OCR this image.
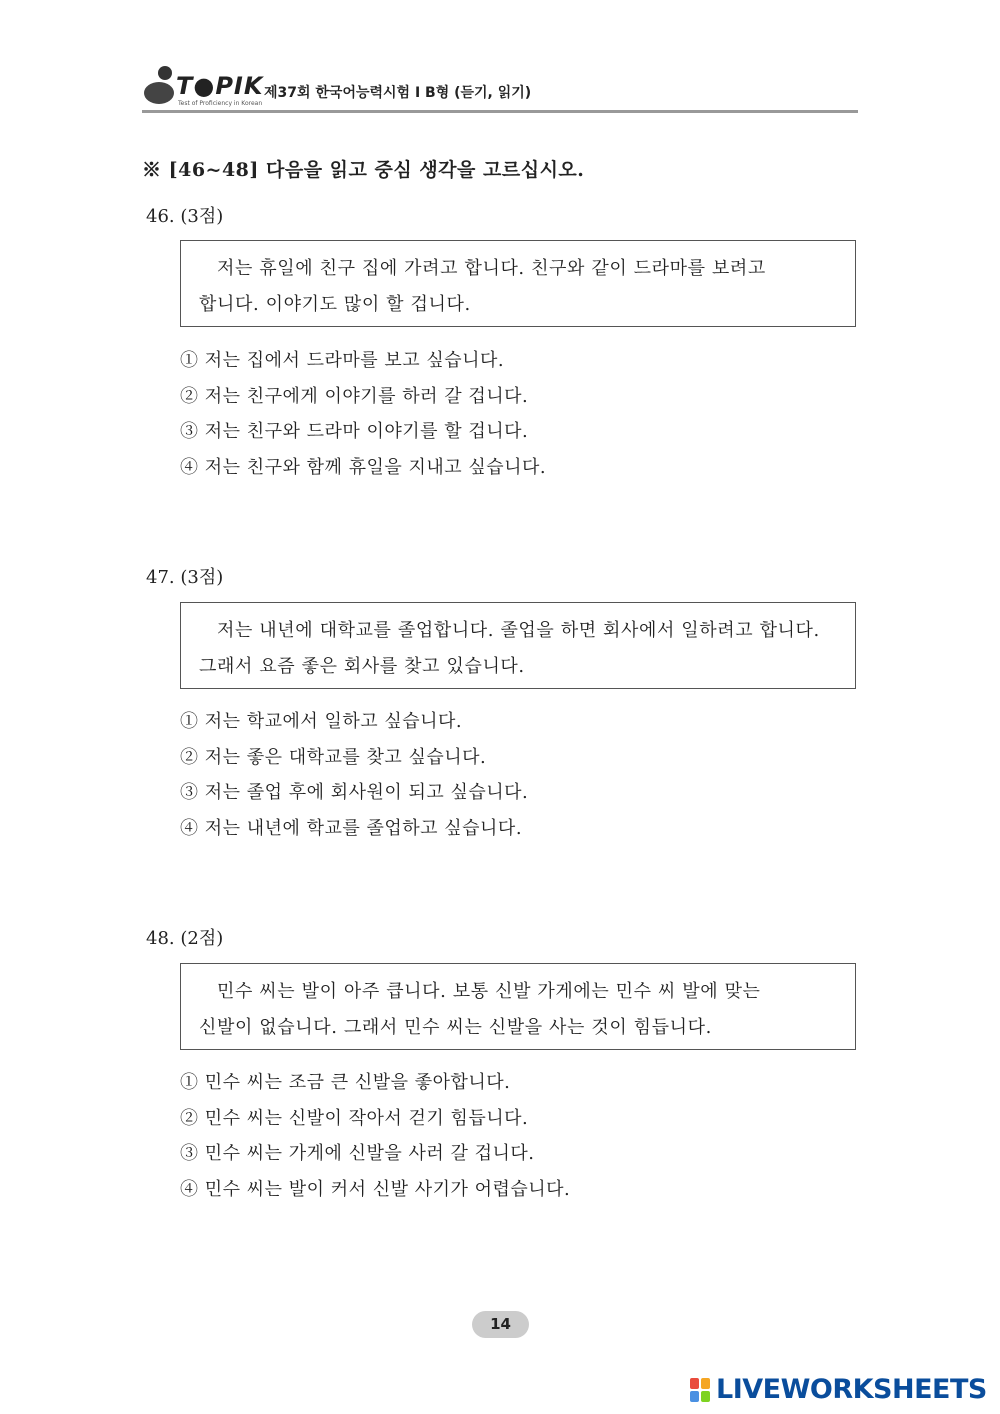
T●PIK
Test of Proficiency in Korean
제37회 한국어능력시험 I B형 (듣기, 읽기)
※ [46~48] 다음을 읽고 중심 생각을 고르십시오.
46. (3점)
저는 휴일에 친구 집에 가려고 합니다. 친구와 같이 드라마를 보려고
합니다. 이야기도 많이 할 겁니다.
① 저는 집에서 드라마를 보고 싶습니다.
② 저는 친구에게 이야기를 하러 갈 겁니다.
③ 저는 친구와 드라마 이야기를 할 겁니다.
④ 저는 친구와 함께 휴일을 지내고 싶습니다.
47. (3점)
저는 내년에 대학교를 졸업합니다. 졸업을 하면 회사에서 일하려고 합니다.
그래서 요즘 좋은 회사를 찾고 있습니다.
① 저는 학교에서 일하고 싶습니다.
② 저는 좋은 대학교를 찾고 싶습니다.
③ 저는 졸업 후에 회사원이 되고 싶습니다.
④ 저는 내년에 학교를 졸업하고 싶습니다.
48. (2점)
민수 씨는 발이 아주 큽니다. 보통 신발 가게에는 민수 씨 발에 맞는
신발이 없습니다. 그래서 민수 씨는 신발을 사는 것이 힘듭니다.
① 민수 씨는 조금 큰 신발을 좋아합니다.
② 민수 씨는 신발이 작아서 걷기 힘듭니다.
③ 민수 씨는 가게에 신발을 사러 갈 겁니다.
④ 민수 씨는 발이 커서 신발 사기가 어렵습니다.
14
LIVEWORKSHEETS
